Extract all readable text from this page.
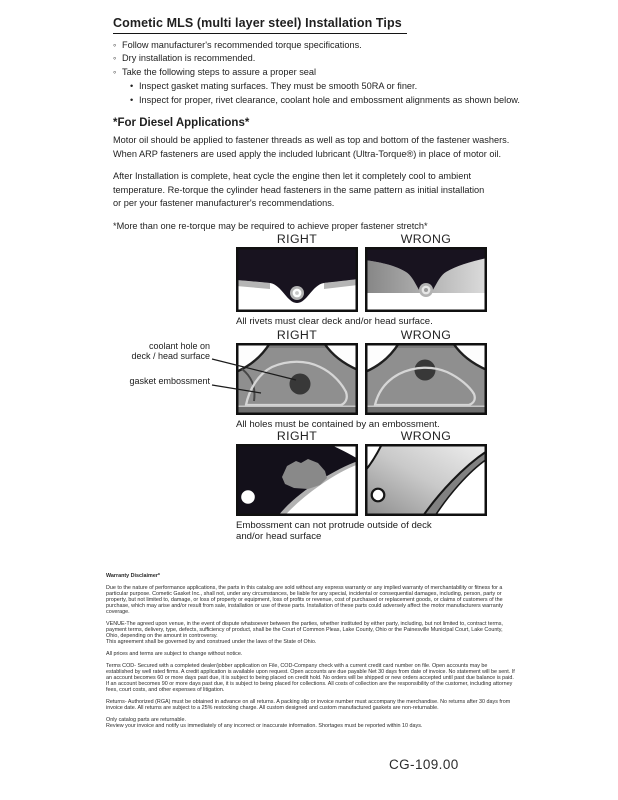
Cometic MLS (multi layer steel) Installation Tips
◦ Follow manufacturer's recommended torque specifications.
◦ Dry installation is recommended.
◦ Take the following steps to assure a proper seal
• Inspect gasket mating surfaces. They must be smooth 50RA or finer.
• Inspect for proper, rivet clearance, coolant hole and embossment alignments as shown below.
*For Diesel Applications*
Motor oil should be applied to fastener threads as well as top and bottom of the fastener washers.
When ARP fasteners are used apply the included lubricant (Ultra-Torque®) in place of motor oil.
After Installation is complete, heat cycle the engine then let it completely cool to ambient
temperature. Re-torque the cylinder head fasteners in the same pattern as initial installation
or per your fastener manufacturer's recommendations.
*More than one re-torque may be required to achieve proper fastener stretch*
RIGHT	WRONG
All rivets must clear deck and/or head surface.
RIGHT	WRONG
All holes must be contained by an embossment.
coolant hole on
deck / head surface
gasket embossment
RIGHT	WRONG
Embossment can not protrude outside of deck
and/or head surface

Warranty Disclaimer*

Due to the nature of performance applications, the parts in this catalog are sold without any express warranty or any implied warranty of merchantability or fitness for a particular purpose. Cometic Gasket Inc., shall not, under any circumstances, be liable for any special, incidental or consequential damages, including, person, party or property, but not limited to, damage, or loss of property or equipment, loss of profits or revenue, cost of purchased or replacement goods, or claims of customers of the purchase, which may arise and/or result from sale, installation or use of these parts. Installation of these parts could adversely affect the motor manufacturers warranty coverage.

VENUE-The agreed upon venue, in the event of dispute whatsoever between the parties, whether instituted by either party, including, but not limited to, contract terms, payment terms, delivery, type, defects, sufficiency of product, shall be the Court of Common Pleas, Lake County, Ohio or the Painesville Municipal Court, Lake County, Ohio, depending on the amount in controversy.

This agreement shall be governed by and construed under the laws of the State of Ohio.

All prices and terms are subject to change without notice.

Terms COD- Secured with a completed dealer/jobber application on File, COD-Company check with a current credit card number on file. Open accounts may be established by well rated firms. A credit application is available upon request. Open accounts are due payable Net 30 days from date of invoice. No statement will be sent. If an account becomes 60 or more days past due, it is subject to being placed on credit hold. No orders will be shipped or new orders accepted until past due balance is paid. If an account becomes 90 or more days past due, it is subject to being placed for collections. All costs of collection are the responsibility of the customer, including attorney fees, court costs, and other expenses of litigation.

Returns- Authorized (RGA) must be obtained in advance on all returns. A packing slip or invoice number must accompany the merchandise. No returns after 30 days from invoice date. All returns are subject to a 25% restocking charge. All custom designed and custom manufactured gaskets are non-returnable.

Only catalog parts are returnable.

Review your invoice and notify us immediately of any incorrect or inaccurate information. Shortages must be reported within 10 days.

CG-109.00
